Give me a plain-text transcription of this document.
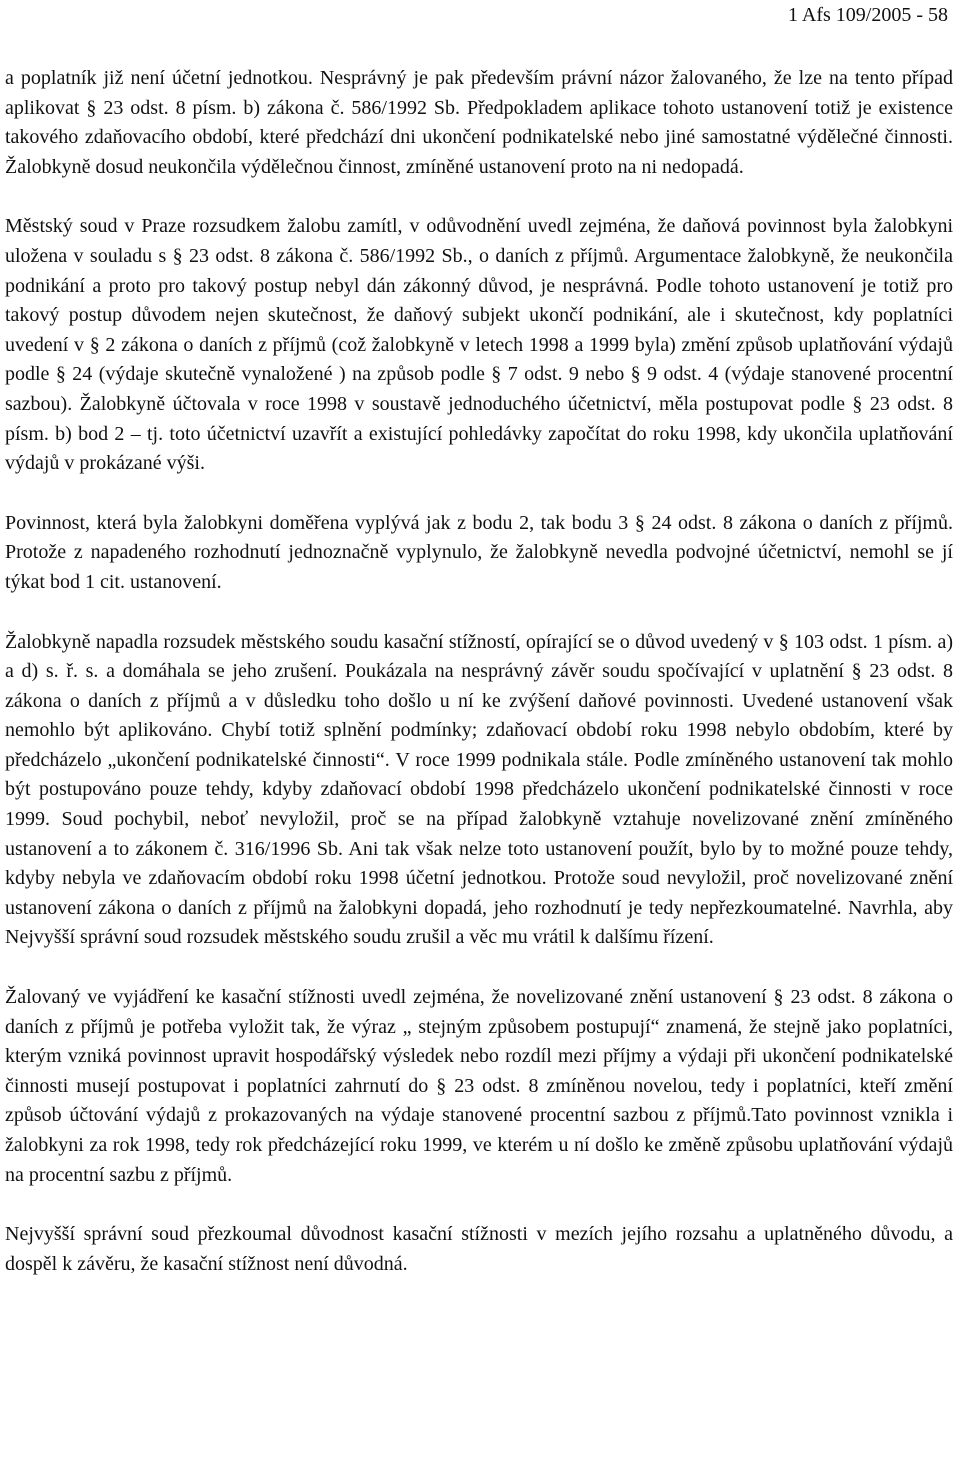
1 Afs 109/2005 - 58

a poplatník již není účetní jednotkou. Nesprávný je pak především právní názor žalovaného, že lze na tento případ aplikovat § 23 odst. 8 písm. b) zákona č. 586/1992 Sb. Předpokladem aplikace tohoto ustanovení totiž je existence takového zdaňovacího období, které předchází dni ukončení podnikatelské nebo jiné samostatné výdělečné činnosti. Žalobkyně dosud neukončila výdělečnou činnost, zmíněné ustanovení proto na ni nedopadá.

Městský soud v Praze rozsudkem žalobu zamítl, v odůvodnění uvedl zejména, že daňová povinnost byla žalobkyni uložena v souladu s § 23 odst. 8 zákona č. 586/1992 Sb., o daních z příjmů. Argumentace žalobkyně, že neukončila podnikání a proto pro takový postup nebyl dán zákonný důvod, je nesprávná. Podle tohoto ustanovení je totiž pro takový postup důvodem nejen skutečnost, že daňový subjekt ukončí podnikání, ale i skutečnost, kdy poplatníci uvedení v § 2 zákona o daních z příjmů (což žalobkyně v letech 1998 a 1999 byla) změní způsob uplatňování výdajů podle § 24 (výdaje skutečně vynaložené ) na způsob podle § 7 odst. 9 nebo § 9 odst. 4 (výdaje stanovené procentní sazbou). Žalobkyně účtovala v roce 1998 v soustavě jednoduchého účetnictví, měla postupovat podle § 23 odst. 8 písm. b) bod 2 – tj. toto účetnictví uzavřít a existující pohledávky započítat do roku 1998, kdy ukončila uplatňování výdajů v prokázané výši.

Povinnost, která byla žalobkyni doměřena vyplývá jak z bodu 2, tak bodu 3 § 24 odst. 8 zákona o daních z příjmů. Protože z napadeného rozhodnutí jednoznačně vyplynulo, že žalobkyně nevedla podvojné účetnictví, nemohl se jí týkat bod 1 cit. ustanovení.

Žalobkyně napadla rozsudek městského soudu kasační stížností, opírající se o důvod uvedený v § 103 odst. 1 písm. a) a d) s. ř. s. a domáhala se jeho zrušení. Poukázala na nesprávný závěr soudu spočívající v uplatnění § 23 odst. 8 zákona o daních z příjmů a v důsledku toho došlo u ní ke zvýšení daňové povinnosti. Uvedené ustanovení však nemohlo být aplikováno. Chybí totiž splnění podmínky; zdaňovací období roku 1998 nebylo obdobím, které by předcházelo „ukončení podnikatelské činnosti“. V roce 1999 podnikala stále. Podle zmíněného ustanovení tak mohlo být postupováno pouze tehdy, kdyby zdaňovací období 1998 předcházelo ukončení podnikatelské činnosti v roce 1999. Soud pochybil, neboť nevyložil, proč se na případ žalobkyně vztahuje novelizované znění zmíněného ustanovení a to zákonem č. 316/1996 Sb. Ani tak však nelze toto ustanovení použít, bylo by to možné pouze tehdy, kdyby nebyla ve zdaňovacím období roku 1998 účetní jednotkou. Protože soud nevyložil, proč novelizované znění ustanovení zákona o daních z příjmů na žalobkyni dopadá, jeho rozhodnutí je tedy nepřezkoumatelné. Navrhla, aby Nejvyšší správní soud rozsudek městského soudu zrušil a věc mu vrátil k dalšímu řízení.

Žalovaný ve vyjádření ke kasační stížnosti uvedl zejména, že novelizované znění ustanovení § 23 odst. 8 zákona o daních z příjmů je potřeba vyložit tak, že výraz „ stejným způsobem postupují“ znamená, že stejně jako poplatníci, kterým vzniká povinnost upravit hospodářský výsledek nebo rozdíl mezi příjmy a výdaji při ukončení podnikatelské činnosti musejí postupovat i poplatníci zahrnutí do § 23 odst. 8 zmíněnou novelou, tedy i poplatníci, kteří změní způsob účtování výdajů z prokazovaných na výdaje stanovené procentní sazbou z příjmů.Tato povinnost vznikla i žalobkyni za rok 1998, tedy rok předcházející roku 1999, ve kterém u ní došlo ke změně způsobu uplatňování výdajů na procentní sazbu z příjmů.

Nejvyšší správní soud přezkoumal důvodnost kasační stížnosti v mezích jejího rozsahu a uplatněného důvodu, a dospěl k závěru, že kasační stížnost není důvodná.
